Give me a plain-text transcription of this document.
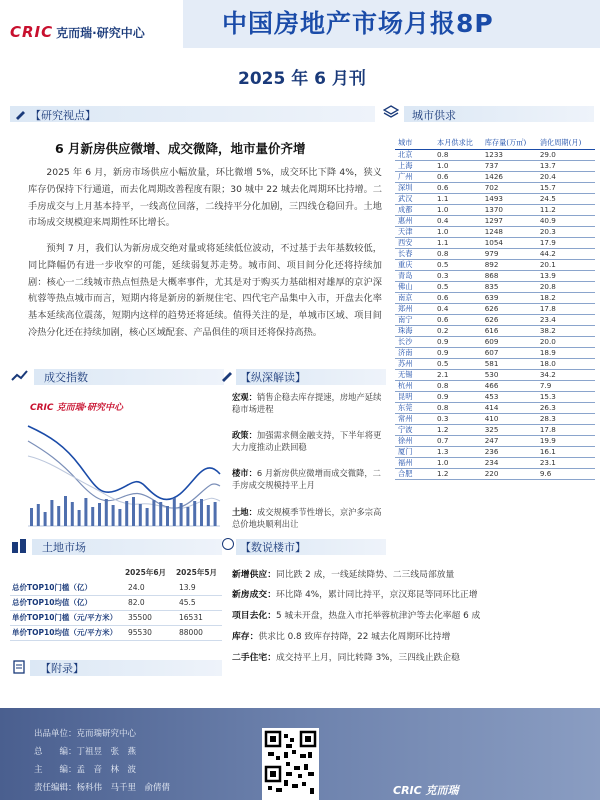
CRIC 克而瑞·研究中心	中国房地产市场月报8P
2025 年 6 月刊
【研究视点】
6 月新房供应微增、成交微降，地市量价齐增

2025 年 6 月，新房市场供应小幅放量，环比微增 5%，成交环比下降 4%，狭义库存仍保持下行通道，而去化周期改善程度有限；30 城中 22 城去化周期环比持增。二手房成交与上月基本持平，一线高位回落，二线持平分化加剧，三四线仓稳回升。土地市场成交规模迎来周期性环比增长。

预判 7 月，我们认为新房成交绝对量或将延续低位波动，不过基于去年基数较低，同比降幅仍有进一步收窄的可能，延续弱复苏走势。城市间、项目间分化还将持续加剧：核心一二线城市热点恒热是大概率事件，尤其是对于购买力基础相对雄厚的京沪深杭蓉等热点城市而言，短期内将是新房的新规住宅、四代宅产品集中入市，开盘去化率基本延续高位震荡，短期内这样的趋势还将延续。值得关注的是，单城市区域、项目间冷热分化还在持续加剧，核心区域配套、产品俱佳的项目还将保持高热。

城市供求
城市	本月供求比	库存量(万㎡)	消化周期(月)
北京	0.8	1233	29.0
上海	1.0	737	13.7
广州	0.6	1426	20.4
深圳	0.6	702	15.7
武汉	1.1	1493	24.5
成都	1.0	1370	11.2
惠州	0.4	1297	40.9
天津	1.0	1248	20.3
西安	1.1	1054	17.9
长春	0.8	979	44.2
重庆	0.5	892	20.1
青岛	0.3	868	13.9
佛山	0.5	835	20.8
南京	0.6	639	18.2
郑州	0.4	626	17.8
南宁	0.6	626	23.4
珠海	0.2	616	38.2
长沙	0.9	609	20.0
济南	0.9	607	18.9
苏州	0.5	581	18.0
无锡	2.1	530	34.2
杭州	0.8	466	7.9
昆明	0.9	453	15.3
东莞	0.8	414	26.3
常州	0.3	410	28.3
宁波	1.2	325	17.8
徐州	0.7	247	19.9
厦门	1.3	236	16.1
福州	1.0	234	23.1
合肥	1.2	220	9.6
成交指数
CRIC 克而瑞·研究中心
【纵深解读】
宏观：销售企稳去库存提速，房地产延续稳市场进程
政策：加强需求侧金融支持，下半年将更大力度推动止跌回稳
楼市：6 月新房供应微增而成交微降，二手房成交规模持平上月
土地：成交规模季节性增长，京沪多宗高总价地块顺利出让
土地市场
	2025年6月	2025年5月
总价TOP10门槛（亿）	24.0	13.9
总价TOP10均值（亿）	82.0	45.5
单价TOP10门槛（元/平方米）	35500	16531
单价TOP10均值（元/平方米）	95530	88000
【数说楼市】
新增供应：同比跌 2 成，一线延续降势、二三线局部放量
新房成交：环比降 4%，累计同比持平，京汉郑昆等同环比正增
项目去化：5 城未开盘，热盘入市托举蓉杭津沪等去化率超 6 成
库存：供求比 0.8 致库存持降，22 城去化周期环比持增
二手住宅：成交持平上月，同比转降 3%，三四线止跌企稳
【附录】
出品单位：克而瑞研究中心
总　　编：丁祖昱　张　燕
主　　编：孟　音　林　波
责任编辑：杨科伟　马千里　俞倩倩	CRIC 克而瑞
